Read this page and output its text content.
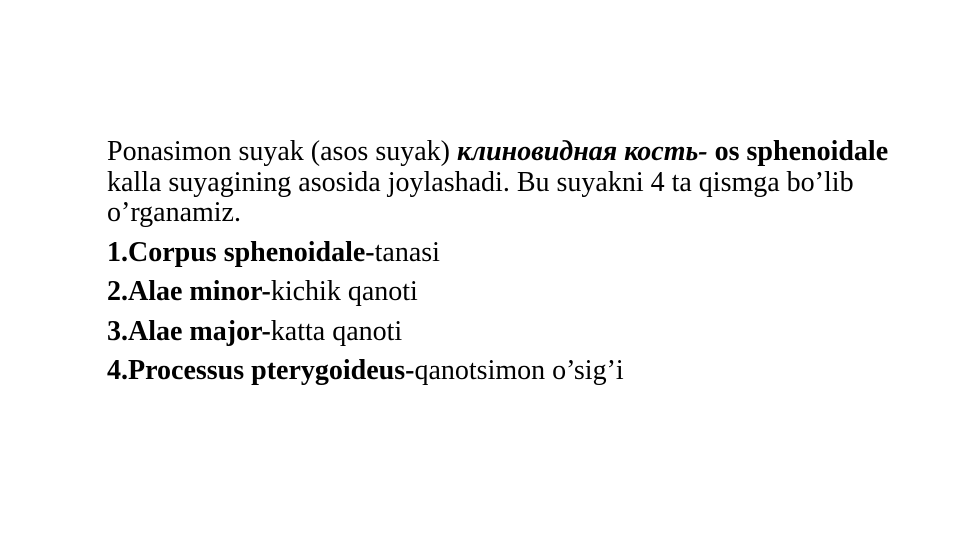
Ponasimon suyak (asos suyak) клиновидная кость- os sphenoidale kalla suyagining asosida joylashadi. Bu suyakni 4 ta qismga bo’lib o’rganamiz.

1.Corpus sphenoidale-tanasi
2.Alae minor-kichik qanoti
3.Alae major-katta qanoti
4.Processus pterygoideus-qanotsimon o’sig’i
